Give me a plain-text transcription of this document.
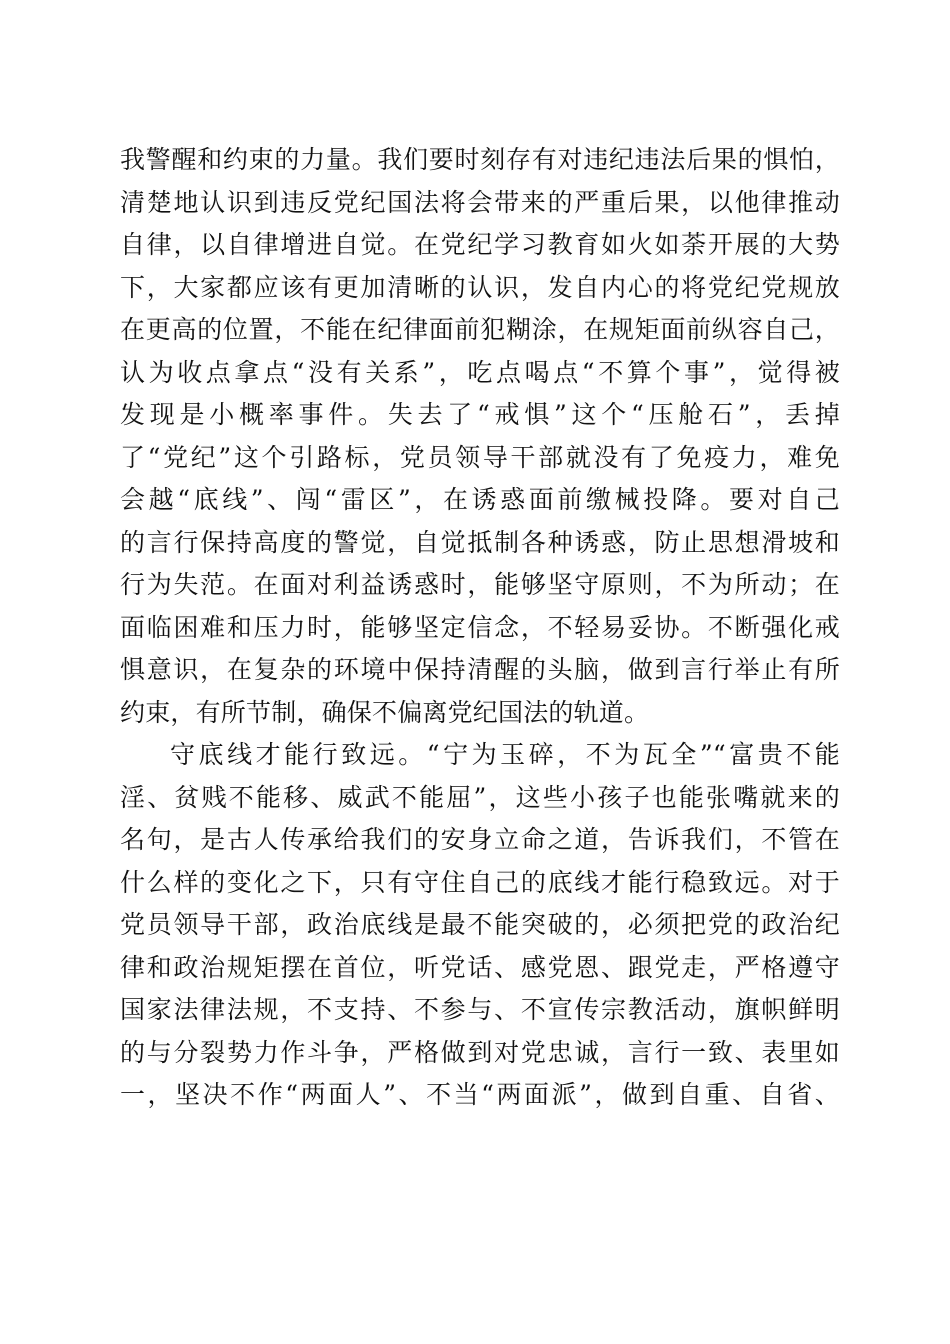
我警醒和约束的力量。我们要时刻存有对违纪违法后果的惧怕，
清楚地认识到违反党纪国法将会带来的严重后果，以他律推动
自律，以自律增进自觉。在党纪学习教育如火如荼开展的大势
下，大家都应该有更加清晰的认识，发自内心的将党纪党规放
在更高的位置，不能在纪律面前犯糊涂，在规矩面前纵容自己，
认为收点拿点“没有关系”，吃点喝点“不算个事”，觉得被
发现是小概率事件。失去了“戒惧”这个“压舱石”，丢掉
了“党纪”这个引路标，党员领导干部就没有了免疫力，难免
会越“底线”、闯“雷区”，在诱惑面前缴械投降。要对自己
的言行保持高度的警觉，自觉抵制各种诱惑，防止思想滑坡和
行为失范。在面对利益诱惑时，能够坚守原则，不为所动；在
面临困难和压力时，能够坚定信念，不轻易妥协。不断强化戒
惧意识，在复杂的环境中保持清醒的头脑，做到言行举止有所
约束，有所节制，确保不偏离党纪国法的轨道。
守底线才能行致远。“宁为玉碎，不为瓦全”“富贵不能
淫、贫贱不能移、威武不能屈”，这些小孩子也能张嘴就来的
名句，是古人传承给我们的安身立命之道，告诉我们，不管在
什么样的变化之下，只有守住自己的底线才能行稳致远。对于
党员领导干部，政治底线是最不能突破的，必须把党的政治纪
律和政治规矩摆在首位，听党话、感党恩、跟党走，严格遵守
国家法律法规，不支持、不参与、不宣传宗教活动，旗帜鲜明
的与分裂势力作斗争，严格做到对党忠诚，言行一致、表里如
一，坚决不作“两面人”、不当“两面派”，做到自重、自省、
